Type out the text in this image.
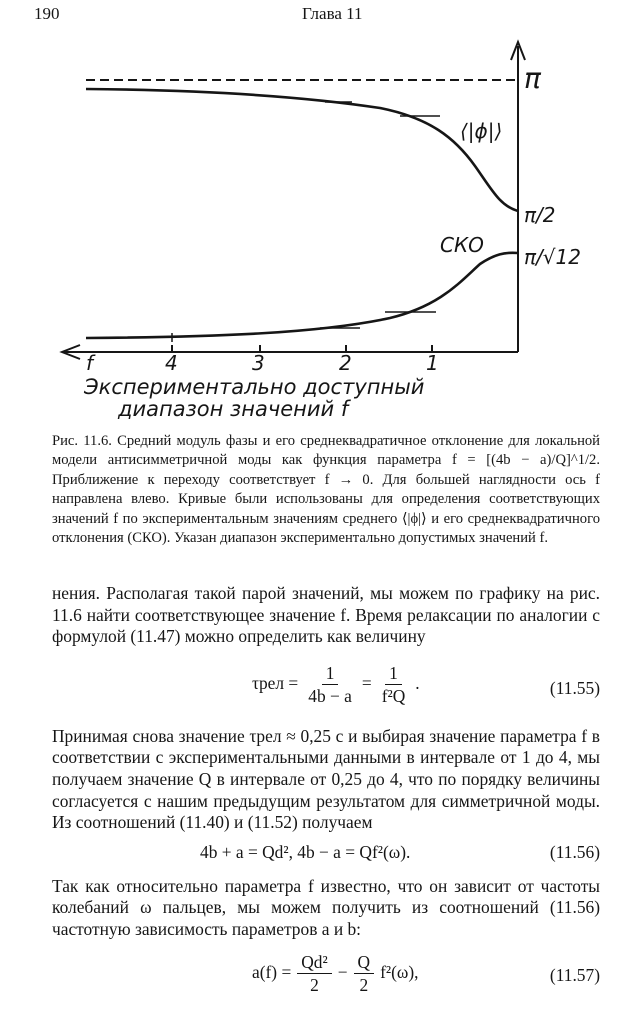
190	Глава 11
π
π/2
π/√12
⟨|ϕ|⟩
СКО
f	4	3	2	1
Экспериментально доступный
диапазон значений f

Рис. 11.6. Средний модуль фазы и его среднеквадратичное отклонение для локальной модели антисимметричной моды как функция параметра f = [(4b − a)/Q]^1/2. Приближение к переходу соответствует f → 0. Для большей наглядности ось f направлена влево. Кривые были использованы для определения соответствующих значений f по экспериментальным значениям среднего ⟨|ϕ|⟩ и его среднеквадратичного отклонения (СКО). Указан диапазон экспериментально допустимых значений f.

нения. Располагая такой парой значений, мы можем по графику на рис. 11.6 найти соответствующее значение f. Время релаксации по аналогии с формулой (11.47) можно определить как величину

$\tau рел = \frac{1}{4b - a} = \frac{1}{\text{f²Q}}$ .	(11.55)

Принимая снова значение τрел ≈ 0,25 с и выбирая значение параметра f в соответствии с экспериментальными данными в интервале от 1 до 4, мы получаем значение Q в интервале от 0,25 до 4, что по порядку величины согласуется с нашим предыдущим результатом для симметричной моды. Из соотношений (11.40) и (11.52) получаем

4b + a = Qd², 4b − a = Qf²(ω).	(11.56)

Так как относительно параметра f известно, что он зависит от частоты колебаний ω пальцев, мы можем получить из соотношений (11.56) частотную зависимость параметров a и b:

$a(f) = \frac{\text{Qd²}}{2} - \frac{Q}{2} f^2(\omega)$,	(11.57)
